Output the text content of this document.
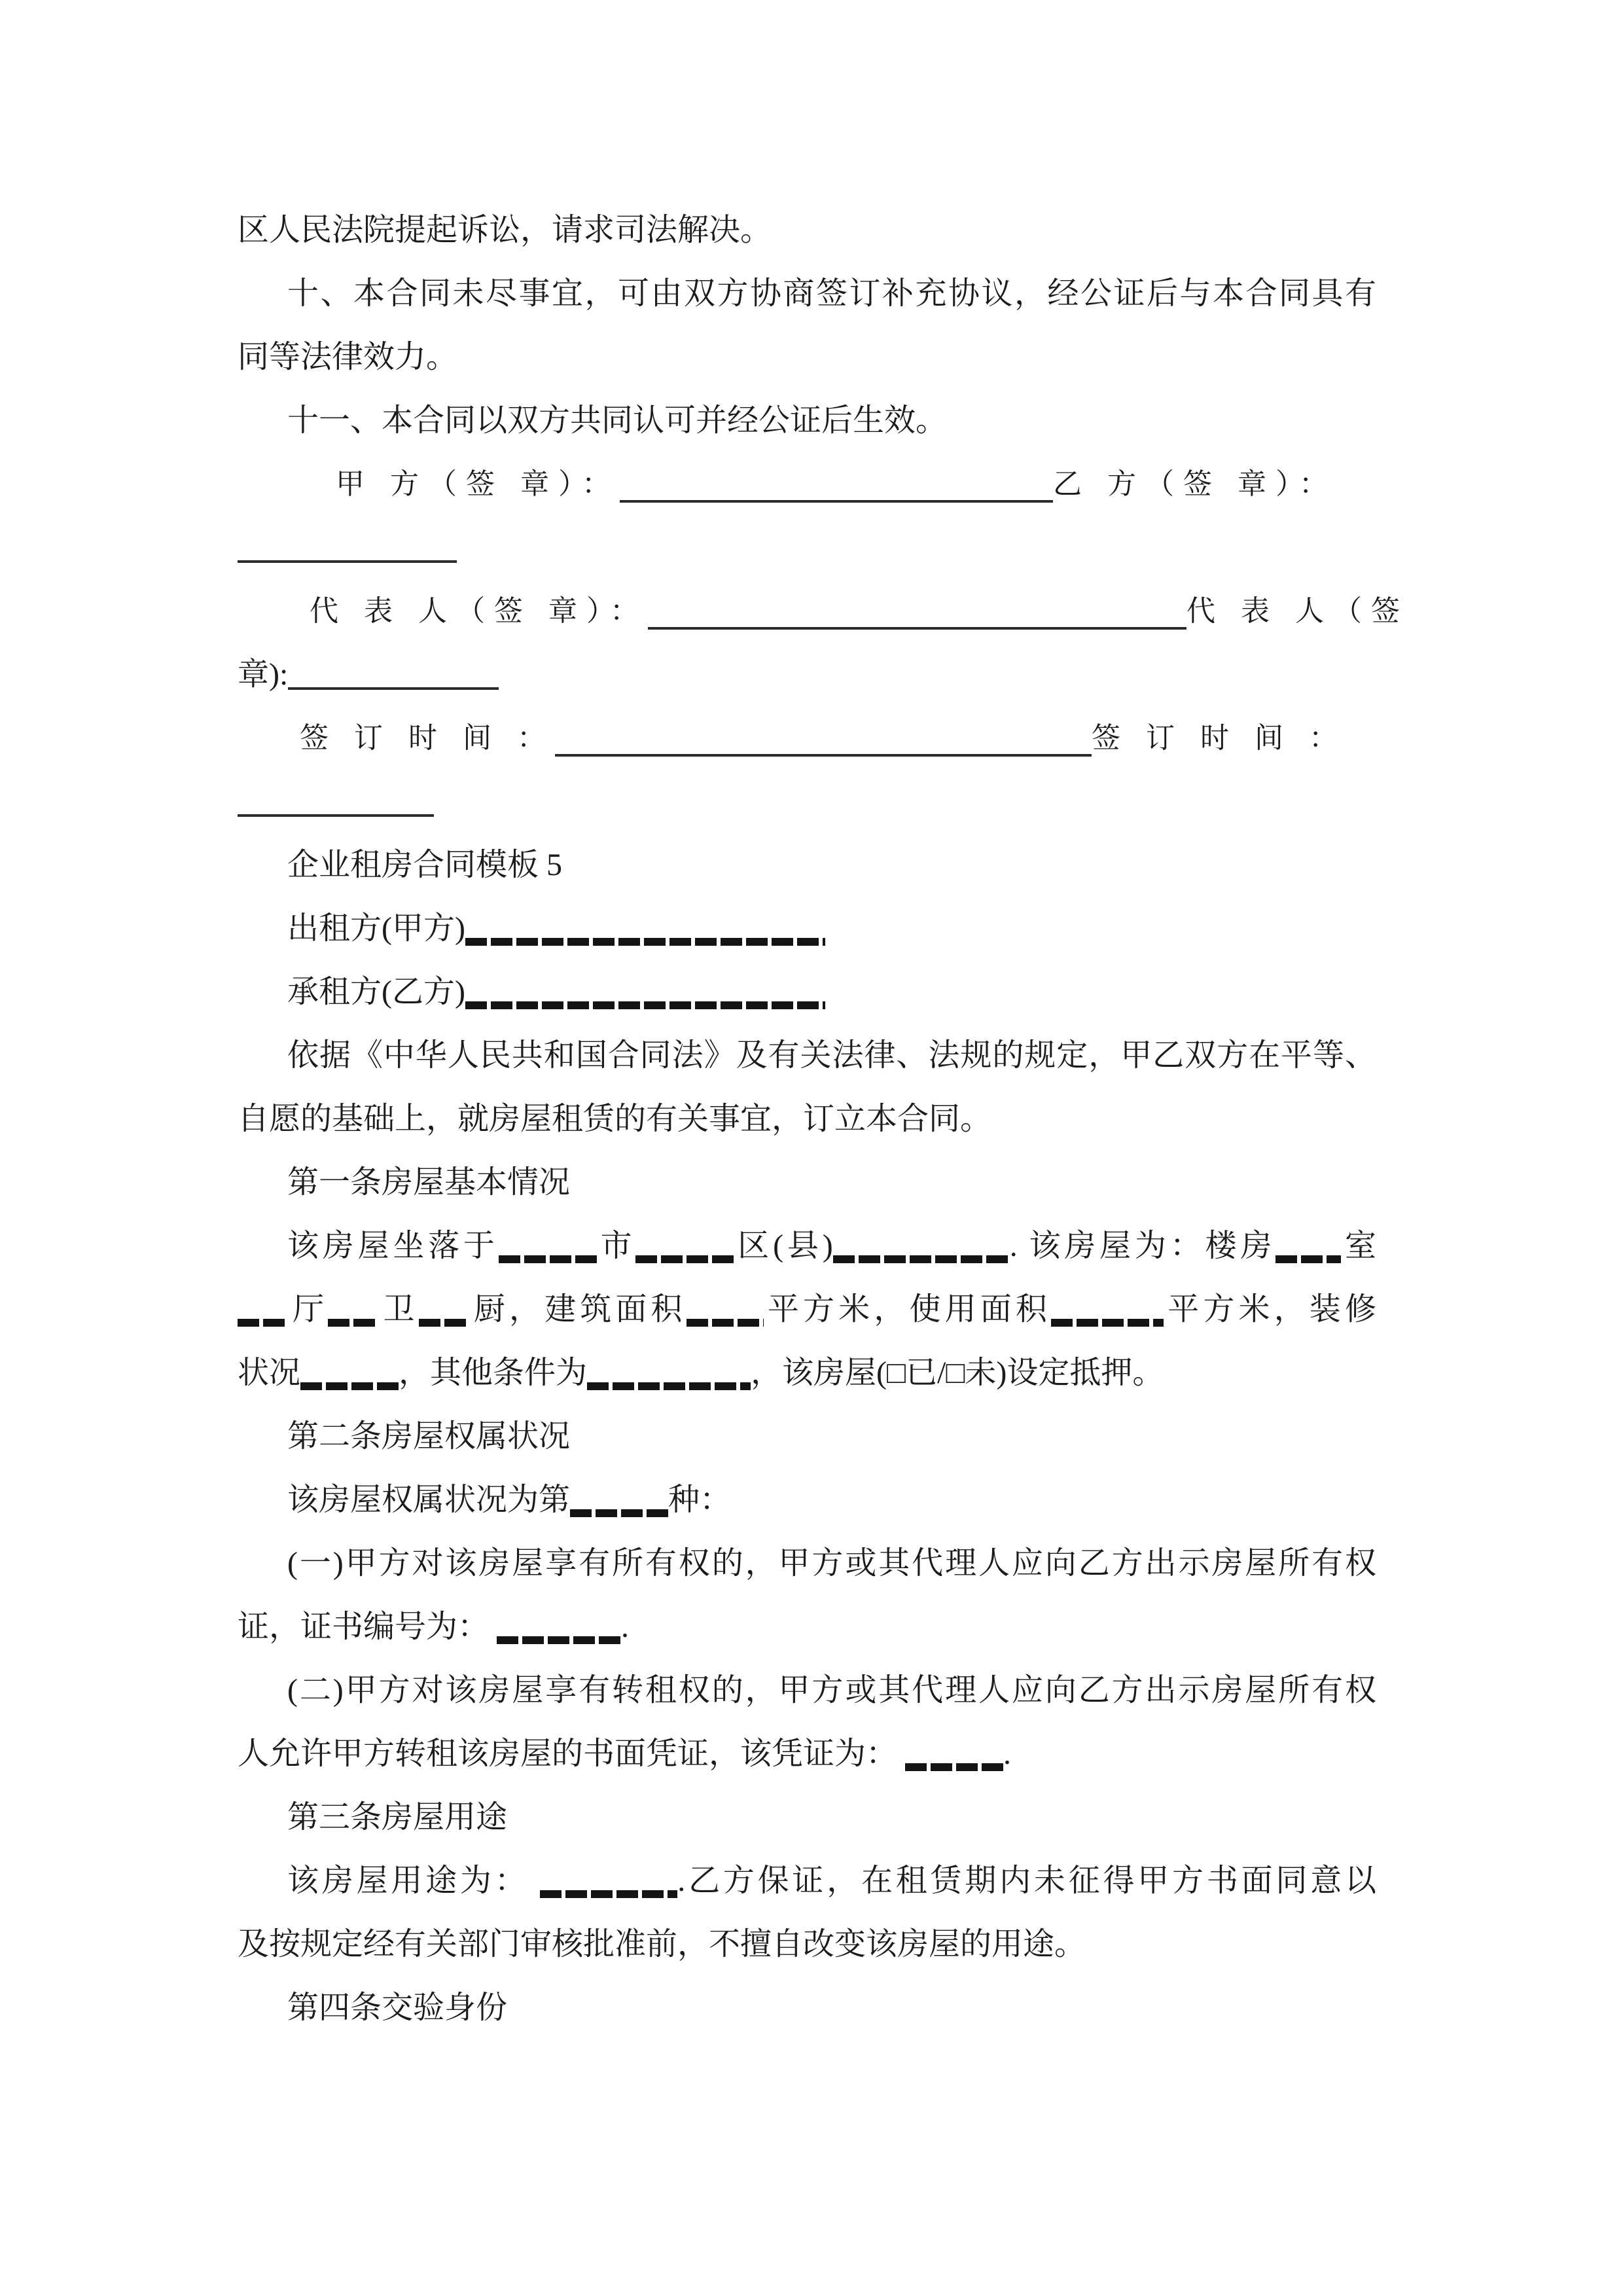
区人民法院提起诉讼，请求司法解决。
十、本合同未尽事宜，可由双方协商签订补充协议，经公证后与本合同具有
同等法律效力。
十一、本合同以双方共同认可并经公证后生效。
甲 方（签 章）：	乙 方（签 章）：
代 表 人（签 章）：	代 表 人（签
章):
签 订 时 间 ：	签 订 时 间 ：
企业租房合同模板 5
出租方(甲方)
承租方(乙方)
依据《中华人民共和国合同法》及有关法律、法规的规定，甲乙双方在平等、
自愿的基础上，就房屋租赁的有关事宜，订立本合同。
第一条房屋基本情况
该房屋坐落于	市	区(县)	. 该房屋为：楼房 室
厅 卫 厨，建筑面积 平方米，使用面积	平方米，装修
状况	，其他条件为	，该房屋(□已/□未)设定抵押。
第二条房屋权属状况
该房屋权属状况为第	种：
(一)甲方对该房屋享有所有权的，甲方或其代理人应向乙方出示房屋所有权
证，证书编号为：	.
(二)甲方对该房屋享有转租权的，甲方或其代理人应向乙方出示房屋所有权
人允许甲方转租该房屋的书面凭证，该凭证为：	.
第三条房屋用途
该房屋用途为：	.乙方保证，在租赁期内未征得甲方书面同意以
及按规定经有关部门审核批准前，不擅自改变该房屋的用途。
第四条交验身份
